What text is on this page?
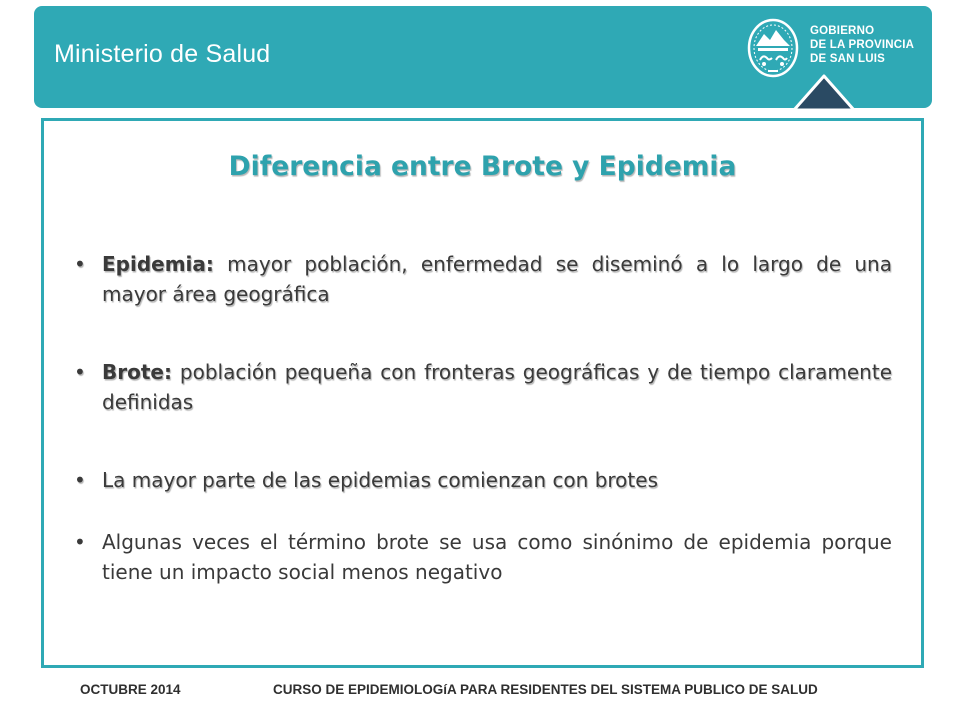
Ministerio de Salud
GOBIERNO
DE LA PROVINCIA
DE SAN LUIS
Diferencia entre Brote y Epidemia
• Epidemia: mayor población, enfermedad se diseminó a lo largo de una mayor área geográfica
• Brote: población pequeña con fronteras geográficas y de tiempo claramente definidas
• La mayor parte de las epidemias comienzan con brotes
• Algunas veces el término brote se usa como sinónimo de epidemia porque tiene un impacto social menos negativo
OCTUBRE 2014	CURSO DE EPIDEMIOLOGíA PARA RESIDENTES DEL SISTEMA PUBLICO DE SALUD
